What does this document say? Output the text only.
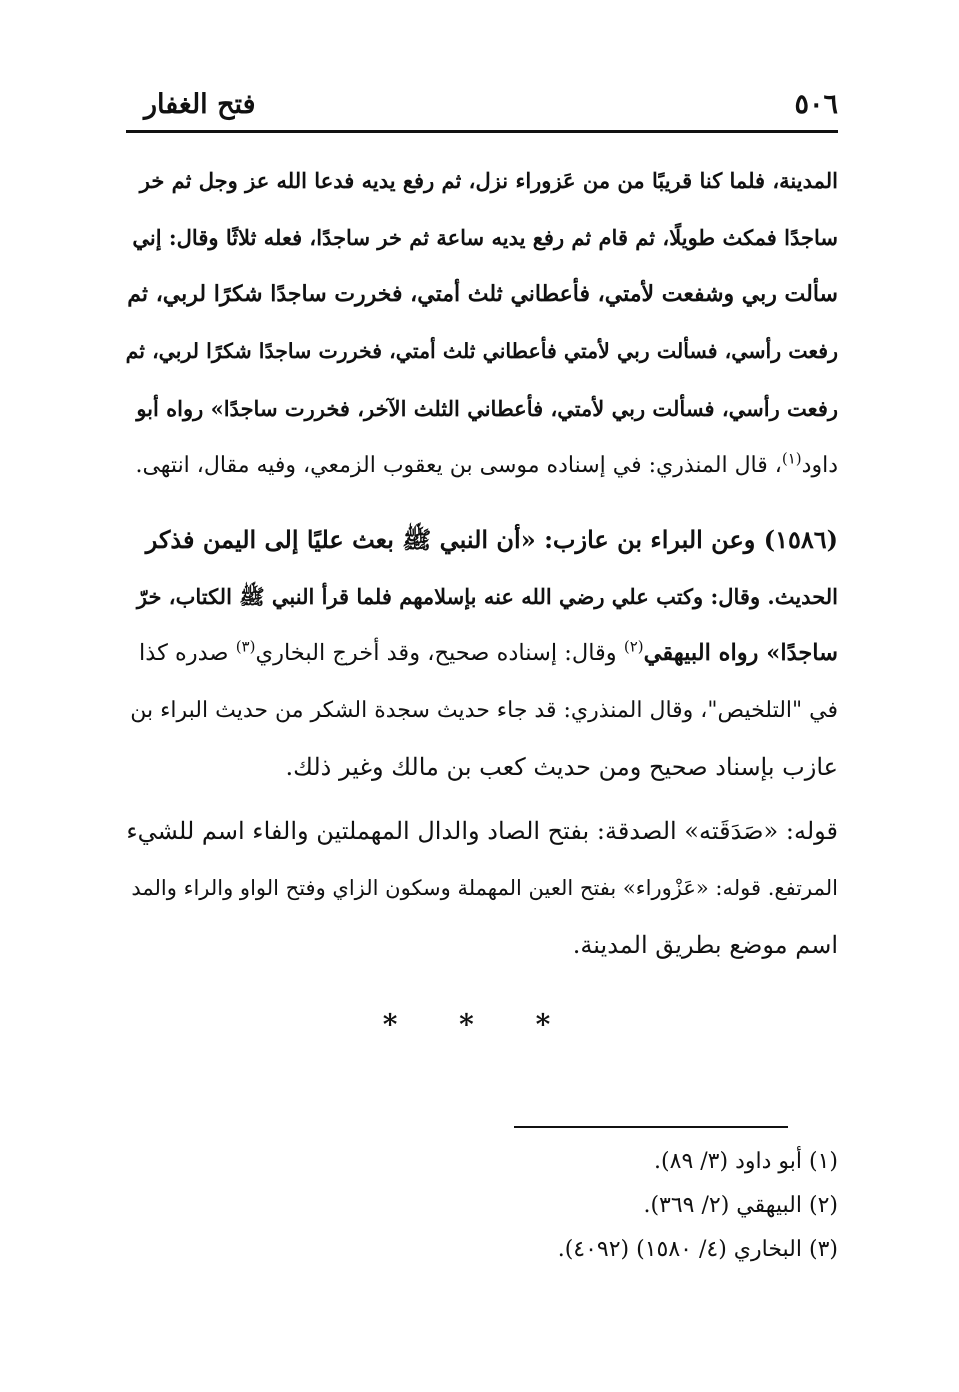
٥٠٦
فتح الغفار
المدينة، فلما كنا قريبًا من من عَزوراء نزل، ثم رفع يديه فدعا الله عز وجل ثم خر
ساجدًا فمكث طويلًا، ثم قام ثم رفع يديه ساعة ثم خر ساجدًا، فعله ثلاثًا وقال: إني
سألت ربي وشفعت لأمتي، فأعطاني ثلث أمتي، فخررت ساجدًا شكرًا لربي، ثم
رفعت رأسي، فسألت ربي لأمتي فأعطاني ثلث أمتي، فخررت ساجدًا شكرًا لربي، ثم
رفعت رأسي، فسألت ربي لأمتي، فأعطاني الثلث الآخر، فخررت ساجدًا» رواه أبو
داود$^{(١)}$، قال المنذري: في إسناده موسى بن يعقوب الزمعي، وفيه مقال، انتهى.
(١٥٨٦) وعن البراء بن عازب: «أن النبي ﷺ بعث عليًا إلى اليمن فذكر
الحديث. وقال: وكتب علي رضي الله عنه بإسلامهم فلما قرأ النبي ﷺ الكتاب، خرّ
ساجدًا» رواه البيهقي$^{(٢)}$ وقال: إسناده صحيح، وقد أخرج البخاري$^{(٣)}$ صدره كذا
في "التلخيص"، وقال المنذري: قد جاء حديث سجدة الشكر من حديث البراء بن
عازب بإسناد صحيح ومن حديث كعب بن مالك وغير ذلك.
قوله: «صَدَقَته» الصدقة: بفتح الصاد والدال المهملتين والفاء اسم للشيء
المرتفع. قوله: «عَزْوراء» بفتح العين المهملة وسكون الزاي وفتح الواو والراء والمد
اسم موضع بطريق المدينة.
* * *
(١) أبو داود (٣/ ٨٩).
(٢) البيهقي (٢/ ٣٦٩).
(٣) البخاري (٤/ ١٥٨٠) (٤٠٩٢).
